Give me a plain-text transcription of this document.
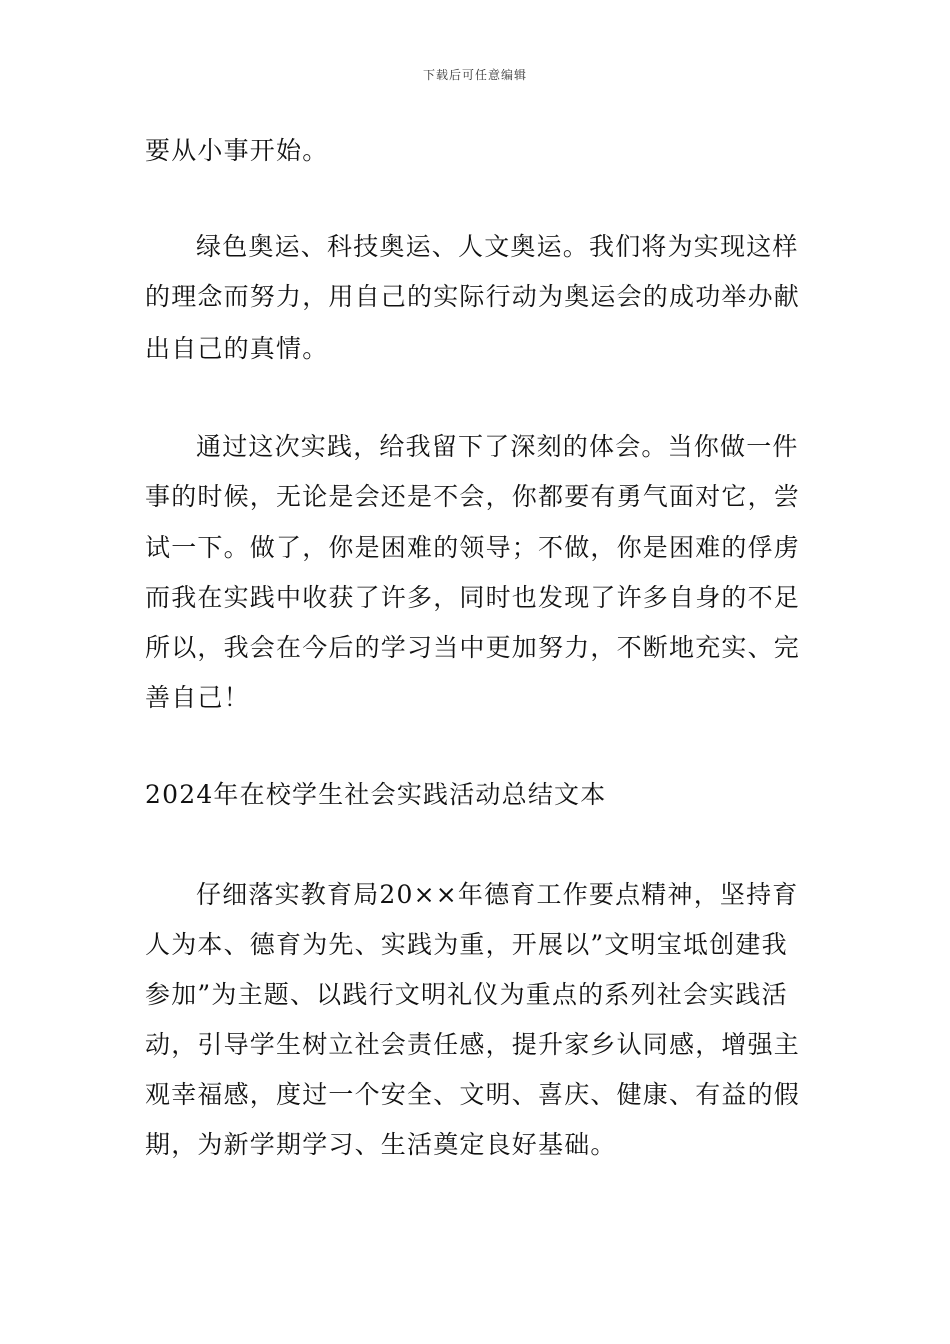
下载后可任意编辑
要从小事开始。
绿色奥运、科技奥运、人文奥运。我们将为实现这样
的理念而努力，用自己的实际行动为奥运会的成功举办献
出自己的真情。
通过这次实践，给我留下了深刻的体会。当你做一件
事的时候，无论是会还是不会，你都要有勇气面对它，尝
试一下。做了，你是困难的领导；不做，你是困难的俘虏
而我在实践中收获了许多，同时也发现了许多自身的不足
所以，我会在今后的学习当中更加努力，不断地充实、完
善自己！
2024年在校学生社会实践活动总结文本
仔细落实教育局20××年德育工作要点精神，坚持育
人为本、德育为先、实践为重，开展以”文明宝坻创建我
参加”为主题、以践行文明礼仪为重点的系列社会实践活
动，引导学生树立社会责任感，提升家乡认同感，增强主
观幸福感，度过一个安全、文明、喜庆、健康、有益的假
期，为新学期学习、生活奠定良好基础。
